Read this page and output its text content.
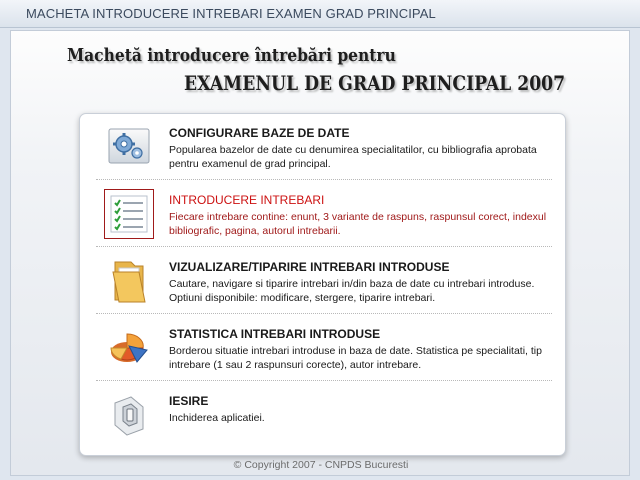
MACHETA INTRODUCERE INTREBARI EXAMEN GRAD PRINCIPAL
Machetă introducere întrebări pentru
EXAMENUL DE GRAD PRINCIPAL 2007
CONFIGURARE BAZE DE DATE
Popularea bazelor de date cu denumirea specialitatilor, cu bibliografia aprobata pentru examenul de grad principal.
INTRODUCERE INTREBARI
Fiecare intrebare contine: enunt, 3 variante de raspuns, raspunsul corect, indexul bibliografic, pagina, autorul intrebarii.
VIZUALIZARE/TIPARIRE INTREBARI INTRODUSE
Cautare, navigare si tiparire intrebari in/din baza de date cu intrebari introduse. Optiuni disponibile: modificare, stergere, tiparire intrebari.
STATISTICA INTREBARI INTRODUSE
Borderou situatie intrebari introduse in baza de date. Statistica pe specialitati, tip intrebare (1 sau 2 raspunsuri corecte), autor intrebare.
IESIRE
Inchiderea aplicatiei.
© Copyright 2007 - CNPDS Bucuresti
